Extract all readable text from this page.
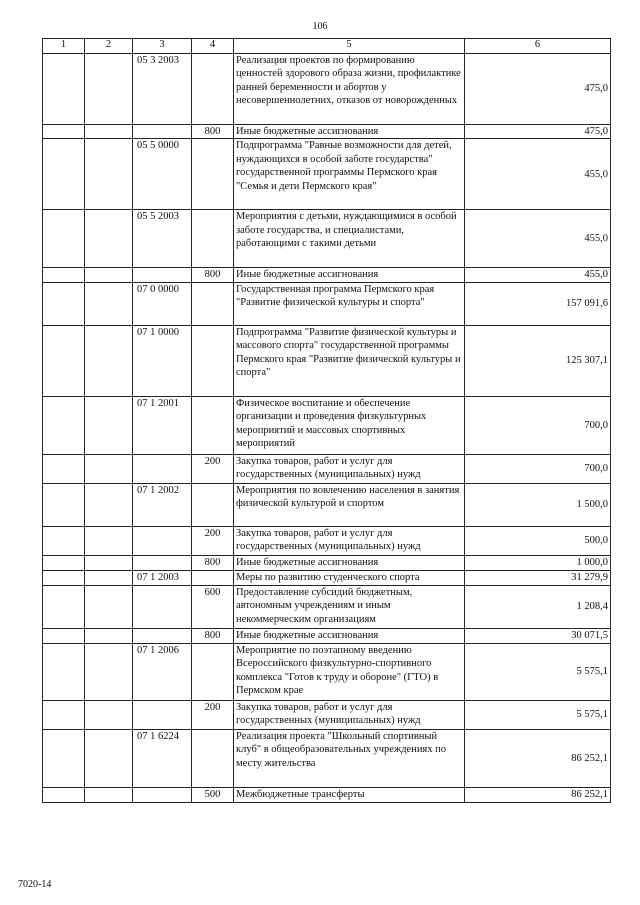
106
1	2	3	4	5	6
		05 3 2003		Реализация проектов по формированию ценностей здорового образа жизни, профилактике ранней беременности и абортов у несовершеннолетних, отказов от новорожденных	475,0
			800	Иные бюджетные ассигнования	475,0
		05 5 0000		Подпрограмма "Равные возможности для детей, нуждающихся в особой заботе государства" государственной программы Пермского края "Семья и дети Пермского края"	455,0
		05 5 2003		Мероприятия с детьми, нуждающимися в особой заботе государства, и специалистами, работающими с такими детьми	455,0
			800	Иные бюджетные ассигнования	455,0
		07 0 0000		Государственная программа Пермского края "Развитие физической культуры и спорта"	157 091,6
		07 1 0000		Подпрограмма "Развитие физической культуры и массового спорта" государственной программы Пермского края "Развитие физической культуры и спорта"	125 307,1
		07 1 2001		Физическое воспитание и обеспечение организации и проведения физкультурных мероприятий и массовых спортивных мероприятий	700,0
			200	Закупка товаров, работ и услуг для государственных (муниципальных) нужд	700,0
		07 1 2002		Мероприятия по вовлечению населения в занятия физической культурой и спортом	1 500,0
			200	Закупка товаров, работ и услуг для государственных (муниципальных) нужд	500,0
			800	Иные бюджетные ассигнования	1 000,0
		07 1 2003		Меры по развитию студенческого спорта	31 279,9
			600	Предоставление субсидий бюджетным, автономным учреждениям и иным некоммерческим организациям	1 208,4
			800	Иные бюджетные ассигнования	30 071,5
		07 1 2006		Мероприятие по поэтапному введению Всероссийского физкультурно-спортивного комплекса "Готов к труду и обороне" (ГТО) в Пермском крае	5 575,1
			200	Закупка товаров, работ и услуг для государственных (муниципальных) нужд	5 575,1
		07 1 6224		Реализация проекта "Школьный спортивный клуб" в общеобразовательных учреждениях по месту жительства	86 252,1
			500	Межбюджетные трансферты	86 252,1
7020-14
